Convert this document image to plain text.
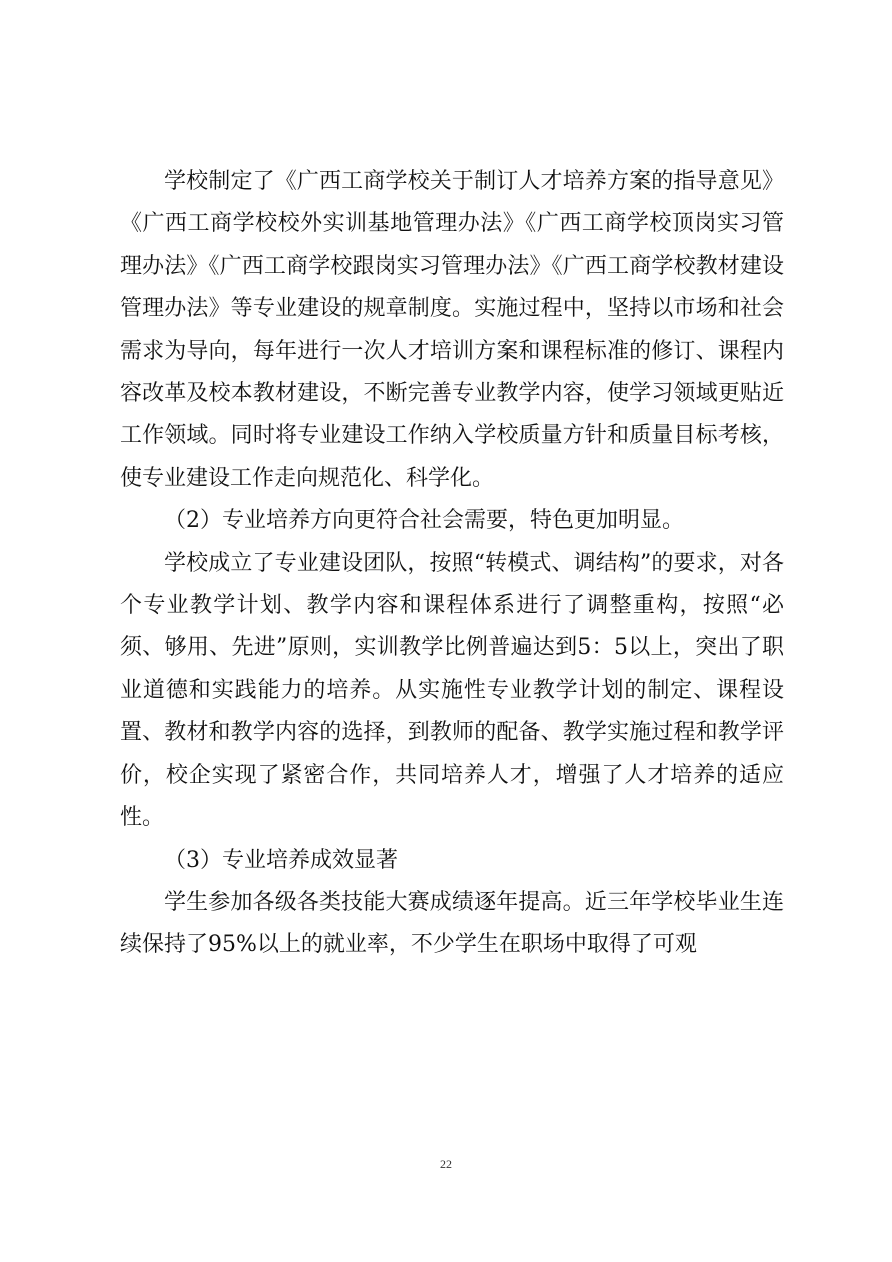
学校制定了《广西工商学校关于制订人才培养方案的指导意见》《广西工商学校校外实训基地管理办法》《广西工商学校顶岗实习管理办法》《广西工商学校跟岗实习管理办法》《广西工商学校教材建设管理办法》等专业建设的规章制度。实施过程中，坚持以市场和社会需求为导向，每年进行一次人才培训方案和课程标准的修订、课程内容改革及校本教材建设，不断完善专业教学内容，使学习领域更贴近工作领域。同时将专业建设工作纳入学校质量方针和质量目标考核，使专业建设工作走向规范化、科学化。

（2）专业培养方向更符合社会需要，特色更加明显。

学校成立了专业建设团队，按照“转模式、调结构”的要求，对各个专业教学计划、教学内容和课程体系进行了调整重构，按照“必须、够用、先进”原则，实训教学比例普遍达到5：5以上，突出了职业道德和实践能力的培养。从实施性专业教学计划的制定、课程设置、教材和教学内容的选择，到教师的配备、教学实施过程和教学评价，校企实现了紧密合作，共同培养人才，增强了人才培养的适应性。

（3）专业培养成效显著

学生参加各级各类技能大赛成绩逐年提高。近三年学校毕业生连续保持了95%以上的就业率，不少学生在职场中取得了可观

22
